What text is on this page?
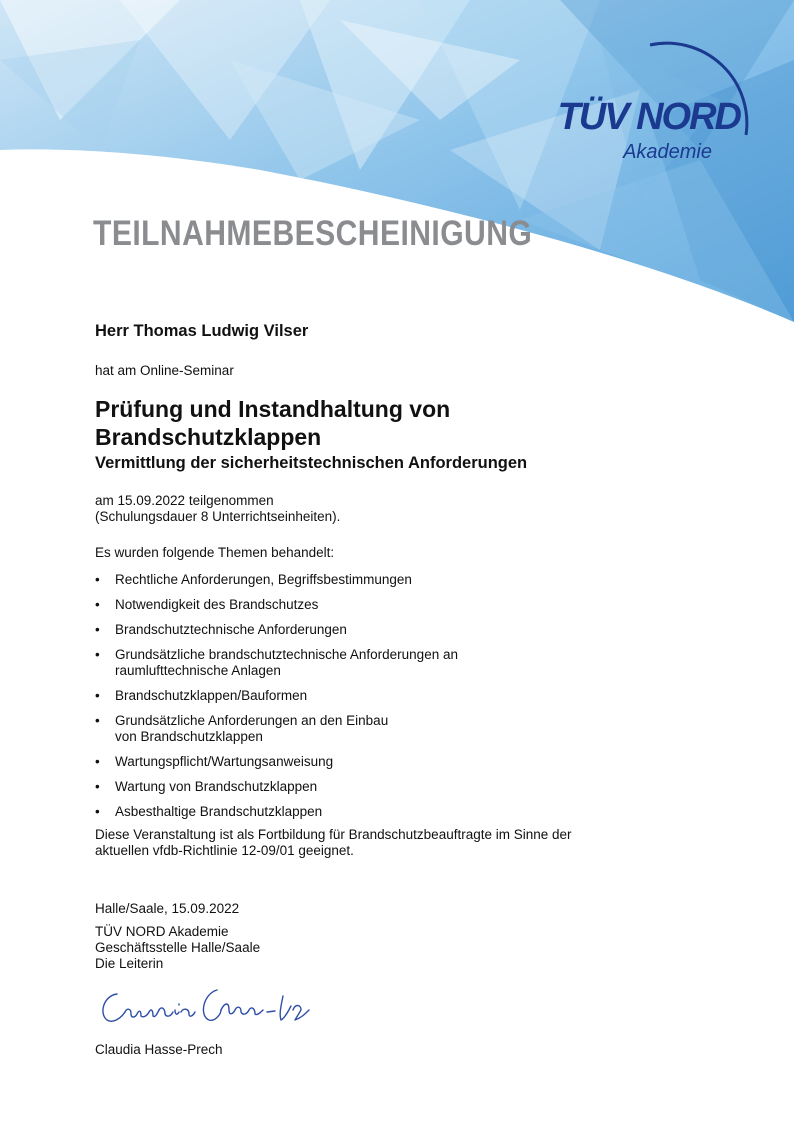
TÜV NORD
Akademie
TEILNAHMEBESCHEINIGUNG

Herr Thomas Ludwig Vilser

hat am Online-Seminar

Prüfung und Instandhaltung von
Brandschutzklappen
Vermittlung der sicherheitstechnischen Anforderungen

am 15.09.2022 teilgenommen

(Schulungsdauer 8 Unterrichtseinheiten).

Es wurden folgende Themen behandelt:

• Rechtliche Anforderungen, Begriffsbestimmungen
• Notwendigkeit des Brandschutzes
• Brandschutztechnische Anforderungen
• Grundsätzliche brandschutztechnische Anforderungen an
raumlufttechnische Anlagen
• Brandschutzklappen/Bauformen
• Grundsätzliche Anforderungen an den Einbau
von Brandschutzklappen
• Wartungspflicht/Wartungsanweisung
• Wartung von Brandschutzklappen
• Asbesthaltige Brandschutzklappen

Diese Veranstaltung ist als Fortbildung für Brandschutzbeauftragte im Sinne der

aktuellen vfdb-Richtlinie 12-09/01 geeignet.

Halle/Saale, 15.09.2022

TÜV NORD Akademie

Geschäftsstelle Halle/Saale

Die Leiterin

Claudia Hasse-Prech
